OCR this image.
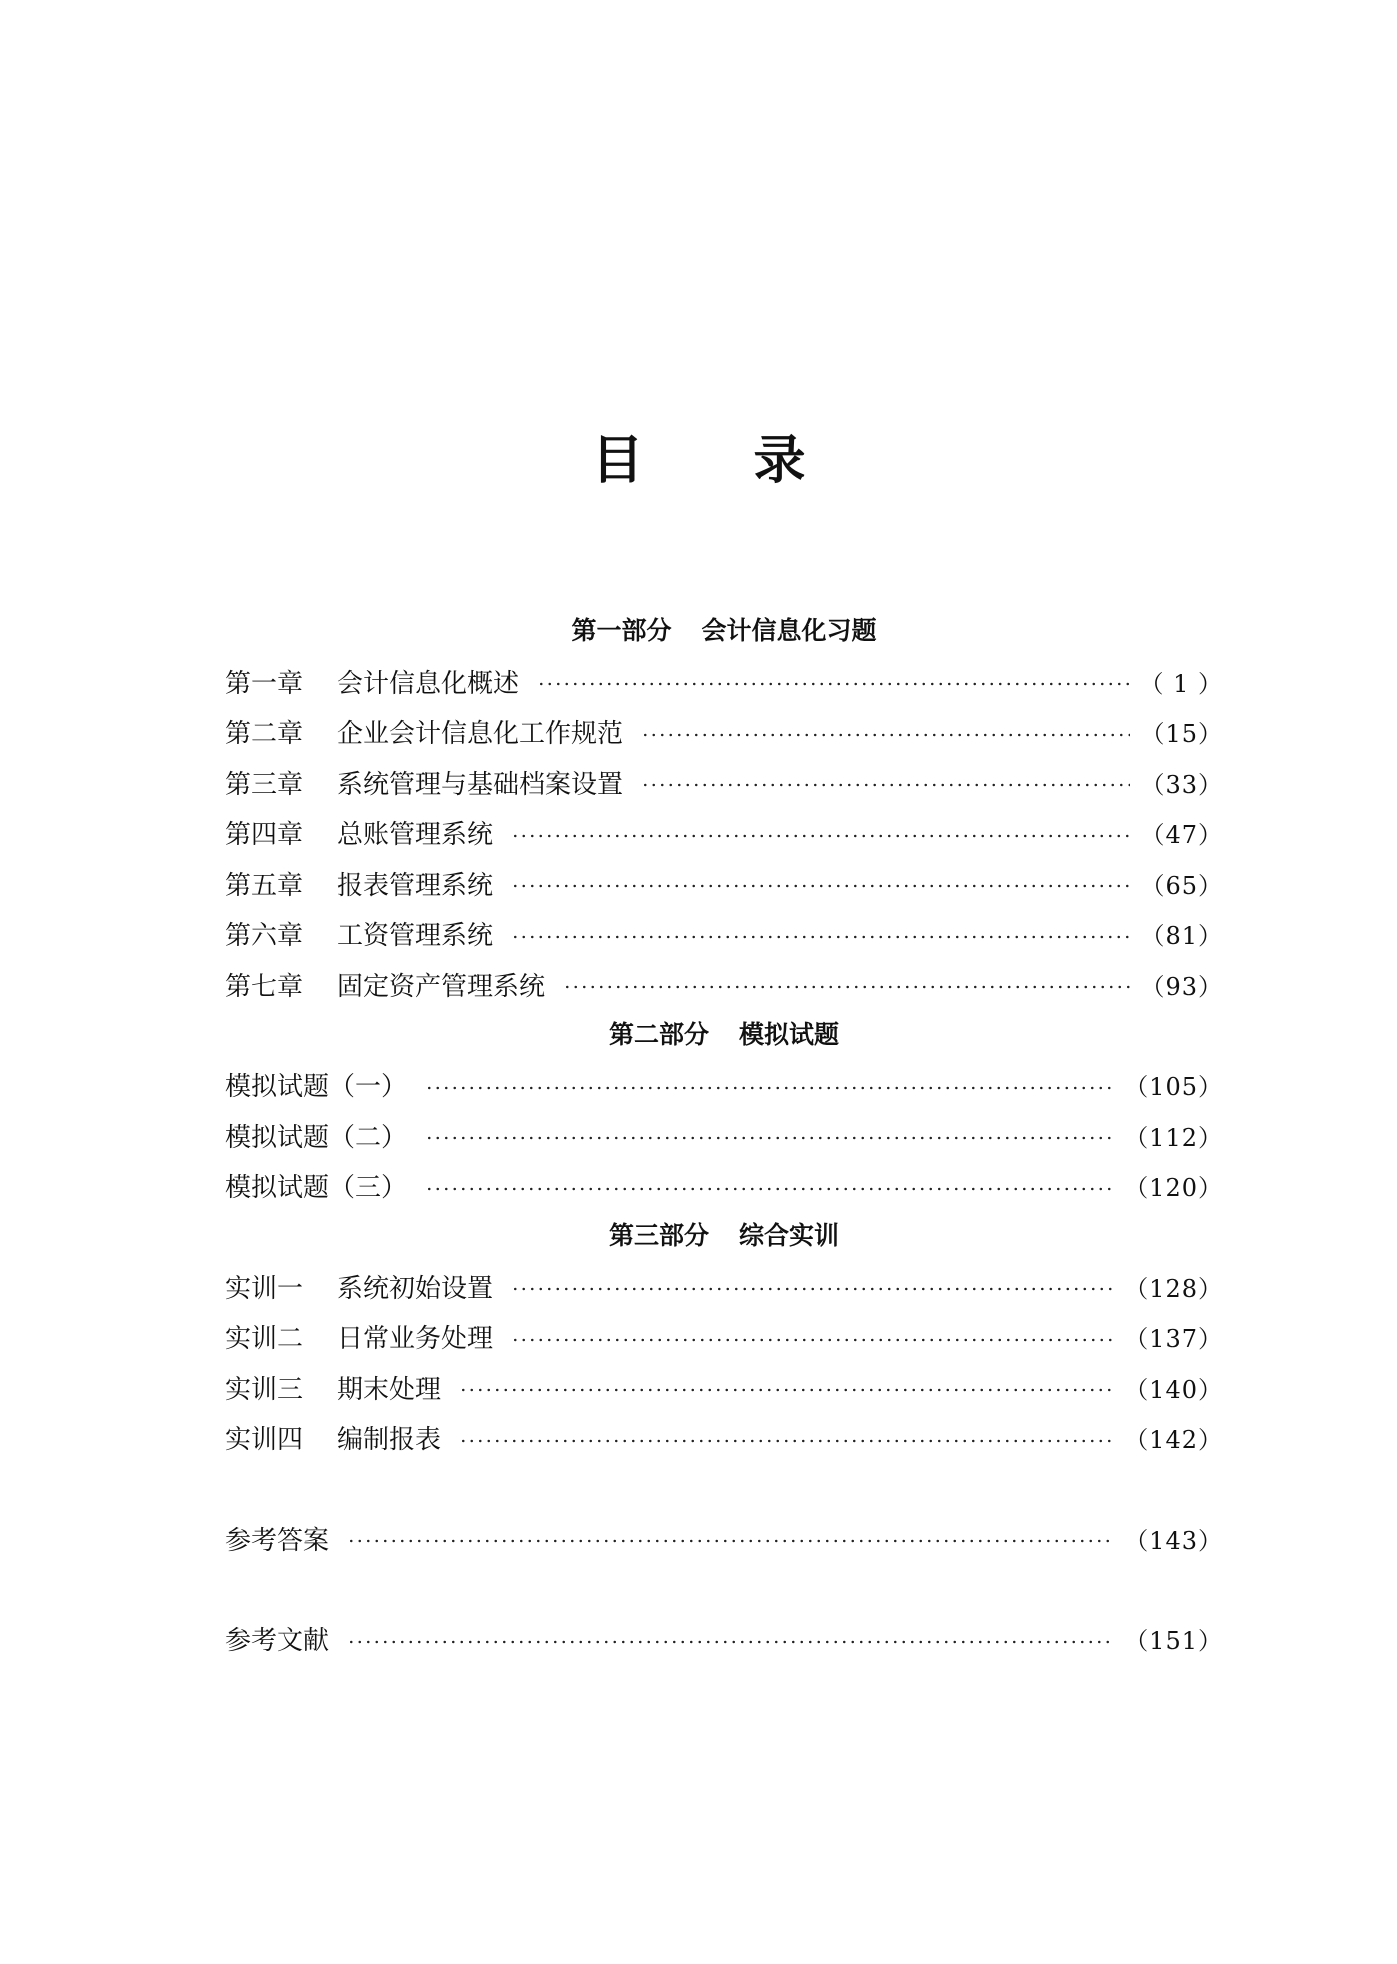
目 录
第一部分 会计信息化习题
第一章	会计信息化概述	（ 1 ）
第二章	企业会计信息化工作规范	（15）
第三章	系统管理与基础档案设置	（33）
第四章	总账管理系统	（47）
第五章	报表管理系统	（65）
第六章	工资管理系统	（81）
第七章	固定资产管理系统	（93）
第二部分 模拟试题
模拟试题（一）	（105）
模拟试题（二）	（112）
模拟试题（三）	（120）
第三部分 综合实训
实训一	系统初始设置	（128）
实训二	日常业务处理	（137）
实训三	期末处理	（140）
实训四	编制报表	（142）
参考答案	（143）
参考文献	（151）
